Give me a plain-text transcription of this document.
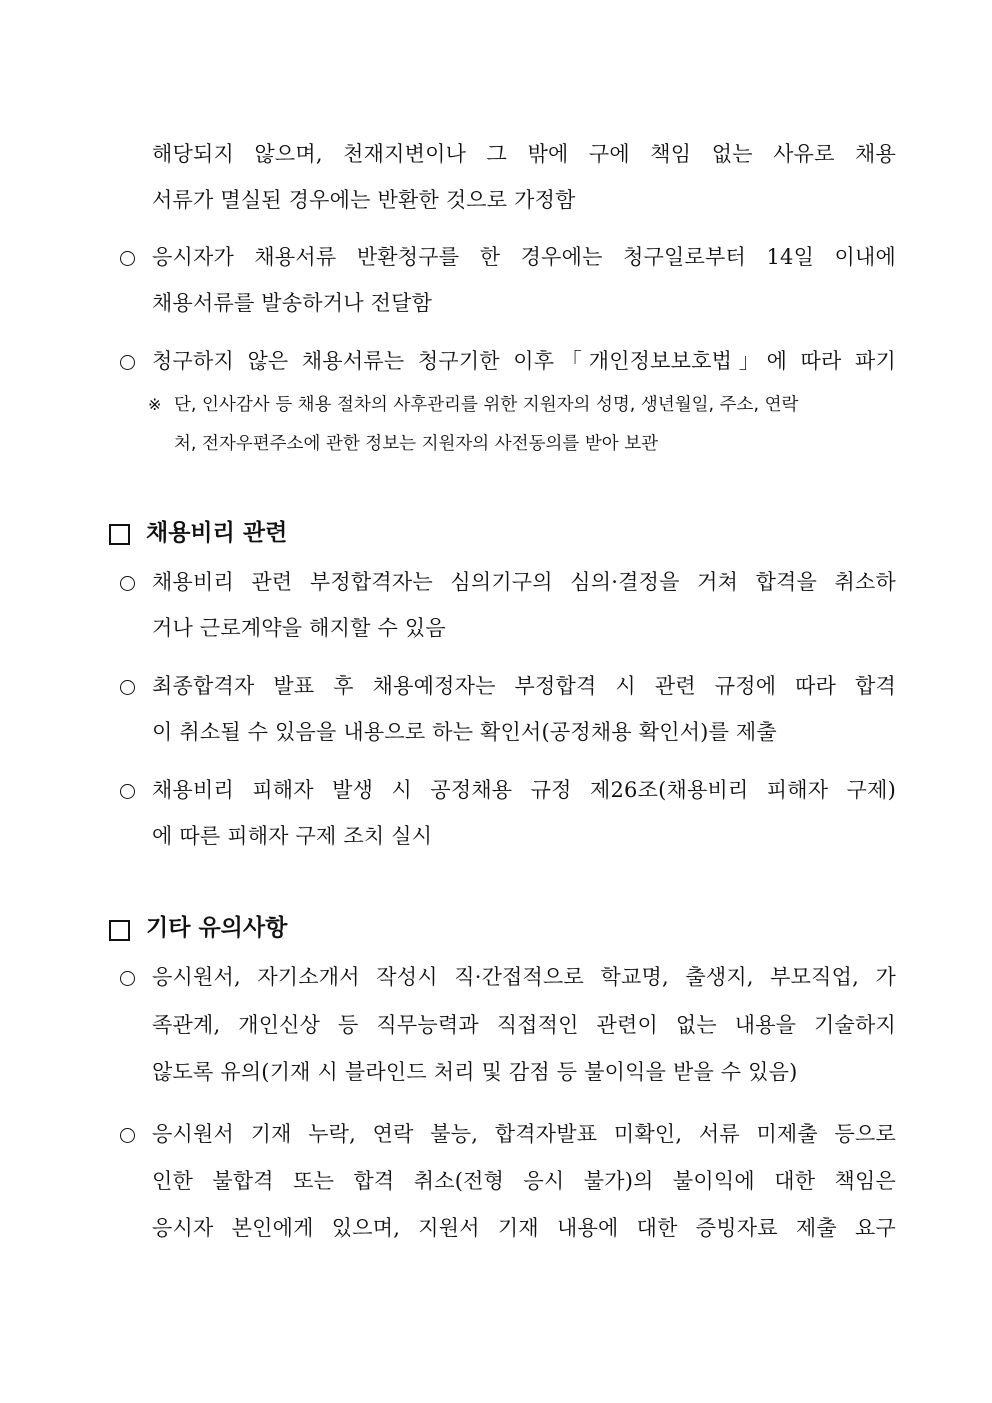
해당되지 않으며, 천재지변이나 그 밖에 구에 책임 없는 사유로 채용
서류가 멸실된 경우에는 반환한 것으로 가정함
응시자가 채용서류 반환청구를 한 경우에는 청구일로부터 14일 이내에
채용서류를 발송하거나 전달함
청구하지 않은 채용서류는 청구기한 이후「개인정보보호법」에 따라 파기
※ 단, 인사감사 등 채용 절차의 사후관리를 위한 지원자의 성명, 생년월일, 주소, 연락
처, 전자우편주소에 관한 정보는 지원자의 사전동의를 받아 보관
채용비리 관련
채용비리 관련 부정합격자는 심의기구의 심의·결정을 거쳐 합격을 취소하
거나 근로계약을 해지할 수 있음
최종합격자 발표 후 채용예정자는 부정합격 시 관련 규정에 따라 합격
이 취소될 수 있음을 내용으로 하는 확인서(공정채용 확인서)를 제출
채용비리 피해자 발생 시 공정채용 규정 제26조(채용비리 피해자 구제)
에 따른 피해자 구제 조치 실시
기타 유의사항
응시원서, 자기소개서 작성시 직·간접적으로 학교명, 출생지, 부모직업, 가
족관계, 개인신상 등 직무능력과 직접적인 관련이 없는 내용을 기술하지
않도록 유의(기재 시 블라인드 처리 및 감점 등 불이익을 받을 수 있음)
응시원서 기재 누락, 연락 불능, 합격자발표 미확인, 서류 미제출 등으로
인한 불합격 또는 합격 취소(전형 응시 불가)의 불이익에 대한 책임은
응시자 본인에게 있으며, 지원서 기재 내용에 대한 증빙자료 제출 요구
